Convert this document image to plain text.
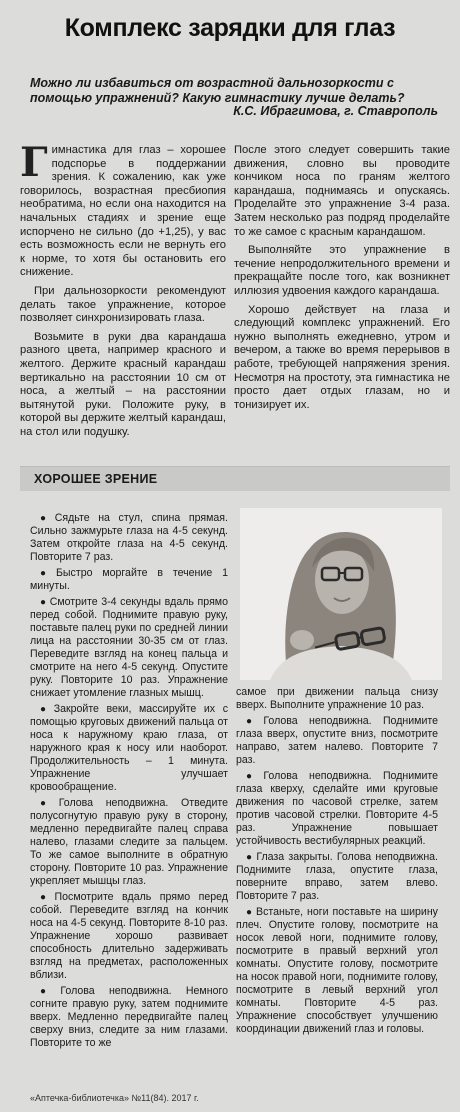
Комплекс зарядки для глаз
Можно ли избавиться от возрастной дальнозоркости с помощью упражнений? Какую гимнастику лучше делать?
К.С. Ибрагимова, г. Ставрополь

Гимнастика для глаз – хорошее подспорье в поддержании зрения. К сожалению, как уже говорилось, возрастная пресбиопия необратима, но если она находится на начальных стадиях и зрение еще испорчено не сильно (до +1,25), у вас есть возможность если не вернуть его к норме, то хотя бы остановить его снижение.

При дальнозоркости рекомендуют делать такое упражнение, которое позволяет синхронизировать глаза.

Возьмите в руки два карандаша разного цвета, например красного и желтого. Держите красный карандаш вертикально на расстоянии 10 см от носа, а желтый – на расстоянии вытянутой руки. Положите руку, в которой вы держите желтый карандаш, на стол или подушку.

После этого следует совершить такие движения, словно вы проводите кончиком носа по граням желтого карандаша, поднимаясь и опускаясь. Проделайте это упражнение 3-4 раза. Затем несколько раз подряд проделайте то же самое с красным карандашом.

Выполняйте это упражнение в течение непродолжительного времени и прекращайте после того, как возникнет иллюзия удвоения каждого карандаша.

Хорошо действует на глаза и следующий комплекс упражнений. Его нужно выполнять ежедневно, утром и вечером, а также во время перерывов в работе, требующей напряжения зрения. Несмотря на простоту, эта гимнастика не просто дает отдых глазам, но и тонизирует их.

ХОРОШЕЕ ЗРЕНИЕ

● Сядьте на стул, спина прямая. Сильно зажмурьте глаза на 4-5 секунд. Затем откройте глаза на 4-5 секунд. Повторите 7 раз.

● Быстро моргайте в течение 1 минуты.

● Смотрите 3-4 секунды вдаль прямо перед собой. Поднимите правую руку, поставьте палец руки по средней линии лица на расстоянии 30-35 см от глаз. Переведите взгляд на конец пальца и смотрите на него 4-5 секунд. Опустите руку. Повторите 10 раз. Упражнение снижает утомление глазных мышц.

● Закройте веки, массируйте их с помощью круговых движений пальца от носа к наружному краю глаза, от наружного края к носу или наоборот. Продолжительность – 1 минута. Упражнение улучшает кровообращение.

● Голова неподвижна. Отведите полусогнутую правую руку в сторону, медленно передвигайте палец справа налево, глазами следите за пальцем. То же самое выполните в обратную сторону. Повторите 10 раз. Упражнение укрепляет мышцы глаз.

● Посмотрите вдаль прямо перед собой. Переведите взгляд на кончик носа на 4-5 секунд. Повторите 8-10 раз. Упражнение хорошо развивает способность длительно задерживать взгляд на предметах, расположенных вблизи.

● Голова неподвижна. Немного согните правую руку, затем поднимите вверх. Медленно передвигайте палец сверху вниз, следите за ним глазами. Повторите то же

самое при движении пальца снизу вверх. Выполните упражнение 10 раз.

● Голова неподвижна. Поднимите глаза вверх, опустите вниз, посмотрите направо, затем налево. Повторите 7 раз.

● Голова неподвижна. Поднимите глаза кверху, сделайте ими круговые движения по часовой стрелке, затем против часовой стрелки. Повторите 4-5 раз. Упражнение повышает устойчивость вестибулярных реакций.

● Глаза закрыты. Голова неподвижна. Поднимите глаза, опустите глаза, поверните вправо, затем влево. Повторите 7 раз.

● Встаньте, ноги поставьте на ширину плеч. Опустите голову, посмотрите на носок левой ноги, поднимите голову, посмотрите в правый верхний угол комнаты. Опустите голову, посмотрите на носок правой ноги, поднимите голову, посмотрите в левый верхний угол комнаты. Повторите 4-5 раз. Упражнение способствует улучшению координации движений глаз и головы.

«Аптечка-библиотечка» №11(84). 2017 г.
